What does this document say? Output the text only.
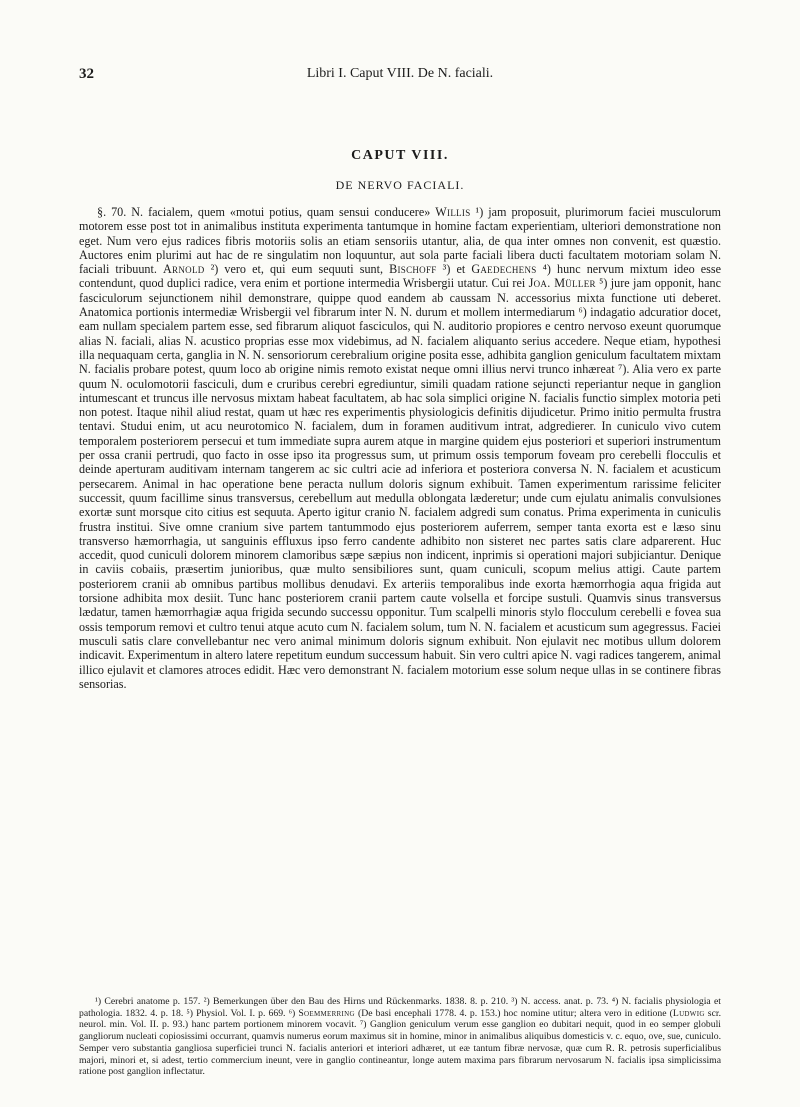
32	Libri I. Caput VIII. De N. faciali.
CAPUT VIII.
DE NERVO FACIALI.

§. 70. N. facialem, quem «motui potius, quam sensui conducere» Willis ¹) jam proposuit, plurimorum faciei musculorum motorem esse post tot in animalibus instituta experimenta tantumque in homine factam experientiam, ulteriori demonstratione non eget. Num vero ejus radices fibris motoriis solis an etiam sensoriis utantur, alia, de qua inter omnes non convenit, est quæstio. Auctores enim plurimi aut hac de re singulatim non loquuntur, aut sola parte faciali libera ducti facultatem motoriam solam N. faciali tribuunt. Arnold ²) vero et, qui eum sequuti sunt, Bischoff ³) et Gaedechens ⁴) hunc nervum mixtum ideo esse contendunt, quod duplici radice, vera enim et portione intermedia Wrisbergii utatur. Cui rei Joa. Müller ⁵) jure jam opponit, hanc fasciculorum sejunctionem nihil demonstrare, quippe quod eandem ab caussam N. accessorius mixta functione uti deberet. Anatomica portionis intermediæ Wrisbergii vel fibrarum inter N. N. durum et mollem intermediarum ⁶) indagatio adcuratior docet, eam nullam specialem partem esse, sed fibrarum aliquot fasciculos, qui N. auditorio propiores e centro nervoso exeunt quorumque alias N. faciali, alias N. acustico proprias esse mox videbimus, ad N. facialem aliquanto serius accedere. Neque etiam, hypothesi illa nequaquam certa, ganglia in N. N. sensoriorum cerebralium origine posita esse, adhibita ganglion geniculum facultatem mixtam N. facialis probare potest, quum loco ab origine nimis remoto existat neque omni illius nervi trunco inhæreat ⁷). Alia vero ex parte quum N. oculomotorii fasciculi, dum e cruribus cerebri egrediuntur, simili quadam ratione sejuncti reperiantur neque in ganglion intumescant et truncus ille nervosus mixtam habeat facultatem, ab hac sola simplici origine N. facialis functio simplex motoria peti non potest. Itaque nihil aliud restat, quam ut hæc res experimentis physiologicis definitis dijudicetur. Primo initio permulta frustra tentavi. Studui enim, ut acu neurotomico N. facialem, dum in foramen auditivum intrat, adgredierer. In cuniculo vivo cutem temporalem posteriorem persecui et tum immediate supra aurem atque in margine quidem ejus posteriori et superiori instrumentum per ossa cranii pertrudi, quo facto in osse ipso ita progressus sum, ut primum ossis temporum foveam pro cerebelli flocculis et deinde aperturam auditivam internam tangerem ac sic cultri acie ad inferiora et posteriora conversa N. N. facialem et acusticum persecarem. Animal in hac operatione bene peracta nullum doloris signum exhibuit. Tamen experimentum rarissime feliciter successit, quum facillime sinus transversus, cerebellum aut medulla oblongata læderetur; unde cum ejulatu animalis convulsiones exortæ sunt morsque cito citius est sequuta. Aperto igitur cranio N. facialem adgredi sum conatus. Prima experimenta in cuniculis frustra institui. Sive omne cranium sive partem tantummodo ejus posteriorem auferrem, semper tanta exorta est e læso sinu transverso hæmorrhagia, ut sanguinis effluxus ipso ferro candente adhibito non sisteret nec partes satis clare adparerent. Huc accedit, quod cuniculi dolorem minorem clamoribus sæpe sæpius non indicent, inprimis si operationi majori subjiciantur. Denique in caviis cobaiis, præsertim junioribus, quæ multo sensibiliores sunt, quam cuniculi, scopum melius attigi. Caute partem posteriorem cranii ab omnibus partibus mollibus denudavi. Ex arteriis temporalibus inde exorta hæmorrhogia aqua frigida aut torsione adhibita mox desiit. Tunc hanc posteriorem cranii partem caute volsella et forcipe sustuli. Quamvis sinus transversus lædatur, tamen hæmorrhagiæ aqua frigida secundo successu opponitur. Tum scalpelli minoris stylo flocculum cerebelli e fovea sua ossis temporum removi et cultro tenui atque acuto cum N. facialem solum, tum N. N. facialem et acusticum sum agegressus. Faciei musculi satis clare convellebantur nec vero animal minimum doloris signum exhibuit. Non ejulavit nec motibus ullum dolorem indicavit. Experimentum in altero latere repetitum eundum successum habuit. Sin vero cultri apice N. vagi radices tangerem, animal illico ejulavit et clamores atroces edidit. Hæc vero demonstrant N. facialem motorium esse solum neque ullas in se continere fibras sensorias.

¹) Cerebri anatome p. 157. ²) Bemerkungen über den Bau des Hirns und Rückenmarks. 1838. 8. p. 210. ³) N. access. anat. p. 73. ⁴) N. facialis physiologia et pathologia. 1832. 4. p. 18. ⁵) Physiol. Vol. I. p. 669. ⁶) Soemmerring (De basi encephali 1778. 4. p. 153.) hoc nomine utitur; altera vero in editione (Ludwig scr. neurol. min. Vol. II. p. 93.) hanc partem portionem minorem vocavit. ⁷) Ganglion geniculum verum esse ganglion eo dubitari nequit, quod in eo semper globuli gangliorum nucleati copiosissimi occurrant, quamvis numerus eorum maximus sit in homine, minor in animalibus aliquibus domesticis v. c. equo, ove, sue, cuniculo. Semper vero substantia gangliosa superficiei trunci N. facialis anteriori et interiori adhæret, ut eæ tantum fibræ nervosæ, quæ cum R. R. petrosis superficialibus majori, minori et, si adest, tertio commercium ineunt, vere in ganglio contineantur, longe autem maxima pars fibrarum nervosarum N. facialis ipsa simplicissima ratione post ganglion inflectatur.
